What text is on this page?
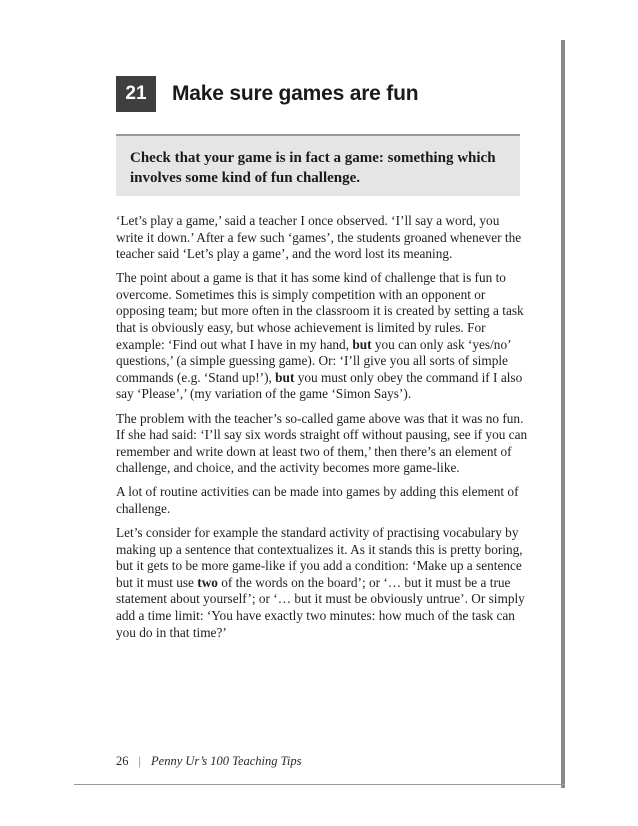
21	Make sure games are fun
Check that your game is in fact a game: something which involves some kind of fun challenge.

‘Let’s play a game,’ said a teacher I once observed. ‘I’ll say a word, you write it down.’ After a few such ‘games’, the students groaned whenever the teacher said ‘Let’s play a game’, and the word lost its meaning.

The point about a game is that it has some kind of challenge that is fun to overcome. Sometimes this is simply competition with an opponent or opposing team; but more often in the classroom it is created by setting a task that is obviously easy, but whose achievement is limited by rules. For example: ‘Find out what I have in my hand, but you can only ask ‘yes/no’ questions,’ (a simple guessing game). Or: ‘I’ll give you all sorts of simple commands (e.g. ‘Stand up!’), but you must only obey the command if I also say ‘Please’,’ (my variation of the game ‘Simon Says’).

The problem with the teacher’s so-called game above was that it was no fun. If she had said: ‘I’ll say six words straight off without pausing, see if you can remember and write down at least two of them,’ then there’s an element of challenge, and choice, and the activity becomes more game-like.

A lot of routine activities can be made into games by adding this element of challenge.

Let’s consider for example the standard activity of practising vocabulary by making up a sentence that contextualizes it. As it stands this is pretty boring, but it gets to be more game-like if you add a condition: ‘Make up a sentence but it must use two of the words on the board’; or ‘… but it must be a true statement about yourself’; or ‘… but it must be obviously untrue’. Or simply add a time limit: ‘You have exactly two minutes: how much of the task can you do in that time?’

26 | Penny Ur’s 100 Teaching Tips
